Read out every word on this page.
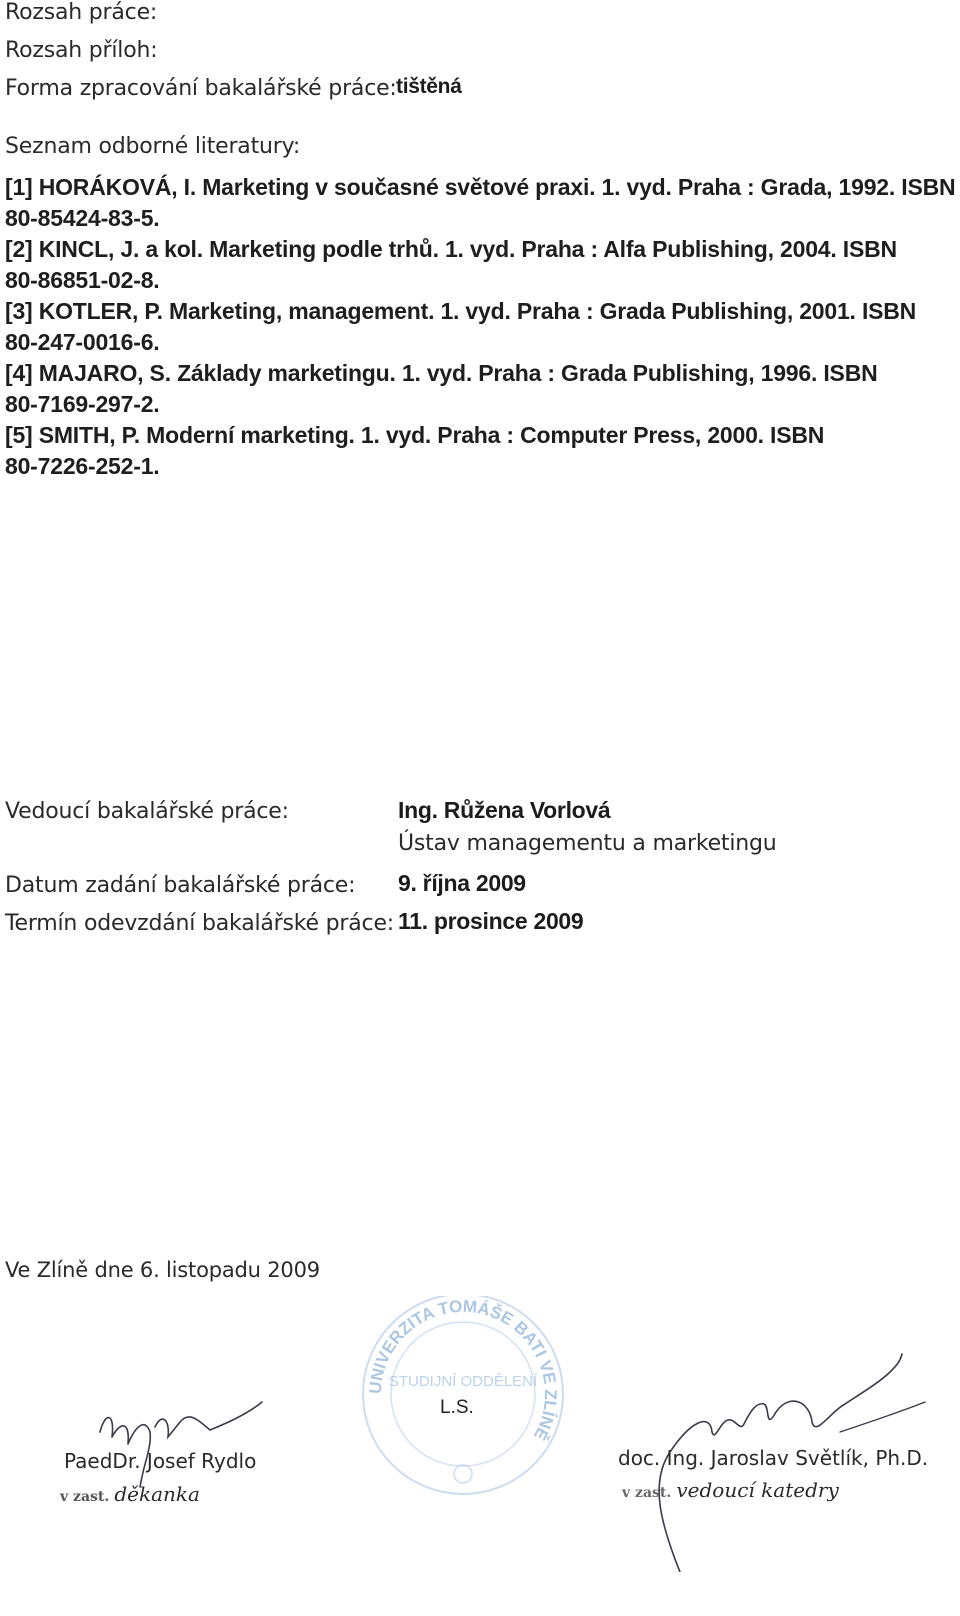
Rozsah práce:
Rozsah příloh:
Forma zpracování bakalářské práce: tištěná
Seznam odborné literatury:
[1] HORÁKOVÁ, I. Marketing v současné světové praxi. 1. vyd. Praha : Grada, 1992. ISBN
80-85424-83-5.
[2] KINCL, J. a kol. Marketing podle trhů. 1. vyd. Praha : Alfa Publishing, 2004. ISBN
80-86851-02-8.
[3] KOTLER, P. Marketing, management. 1. vyd. Praha : Grada Publishing, 2001. ISBN
80-247-0016-6.
[4] MAJARO, S. Základy marketingu. 1. vyd. Praha : Grada Publishing, 1996. ISBN
80-7169-297-2.
[5] SMITH, P. Moderní marketing. 1. vyd. Praha : Computer Press, 2000. ISBN
80-7226-252-1.
Vedoucí bakalářské práce:	Ing. Růžena Vorlová
Ústav managementu a marketingu
Datum zadání bakalářské práce: 9. října 2009
Termín odevzdání bakalářské práce: 11. prosince 2009
Ve Zlíně dne 6. listopadu 2009
UNIVERZITA TOMÁŠE BATI VE ZLÍNĚ
STUDIJNÍ ODDĚLENÍ
L.S.
PaedDr. Josef Rydlo
v zast. děkanka
doc. Ing. Jaroslav Světlík, Ph.D.
v zast. vedoucí katedry
